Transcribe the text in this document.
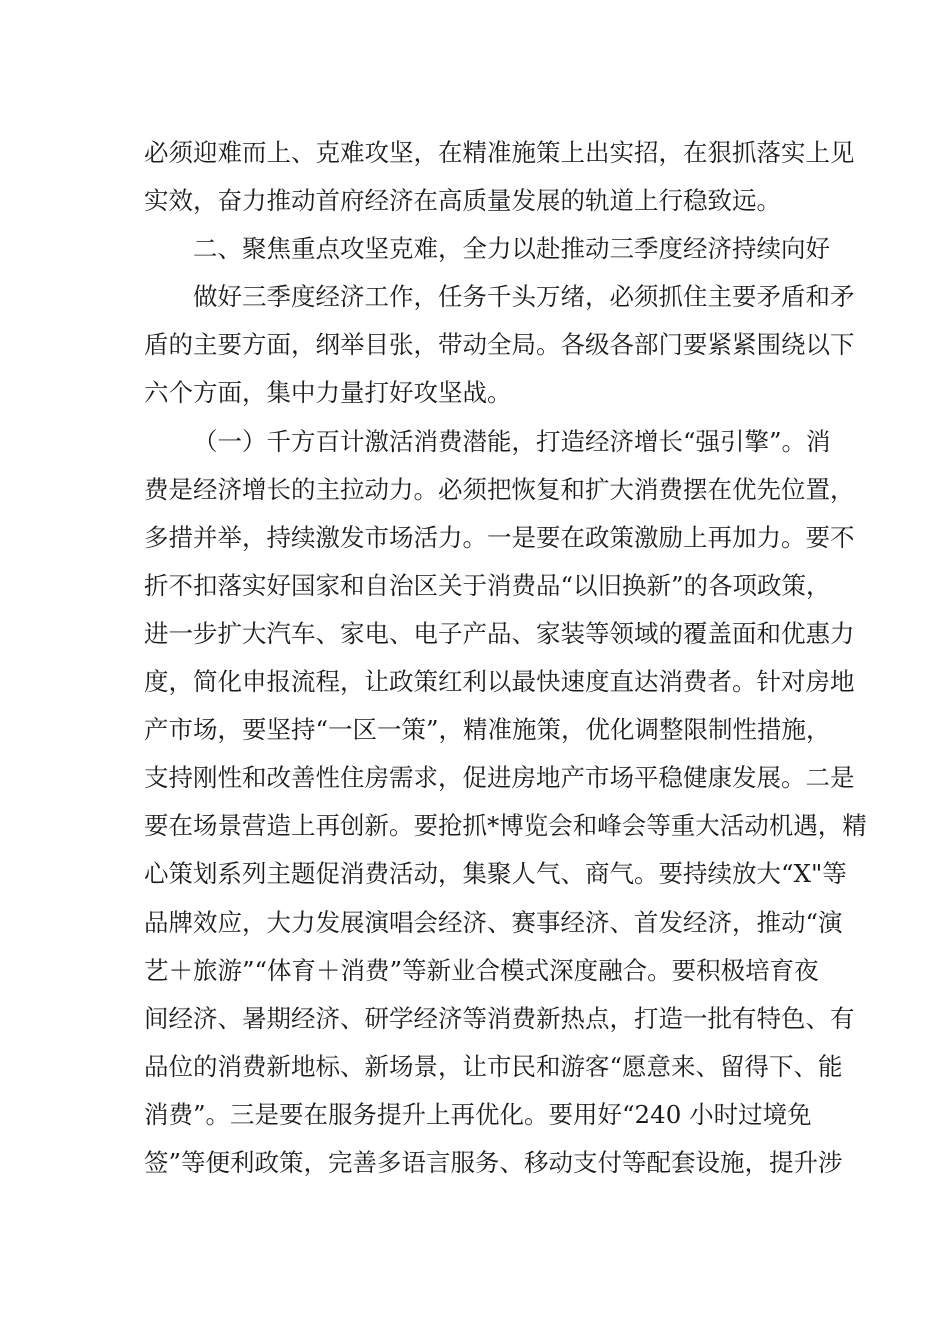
必须迎难而上、克难攻坚，在精准施策上出实招，在狠抓落实上见
实效，奋力推动首府经济在高质量发展的轨道上行稳致远。
二、聚焦重点攻坚克难，全力以赴推动三季度经济持续向好
做好三季度经济工作，任务千头万绪，必须抓住主要矛盾和矛
盾的主要方面，纲举目张，带动全局。各级各部门要紧紧围绕以下
六个方面，集中力量打好攻坚战。
（一）千方百计激活消费潜能，打造经济增长“强引擎”。消
费是经济增长的主拉动力。必须把恢复和扩大消费摆在优先位置，
多措并举，持续激发市场活力。一是要在政策激励上再加力。要不
折不扣落实好国家和自治区关于消费品“以旧换新”的各项政策，
进一步扩大汽车、家电、电子产品、家装等领域的覆盖面和优惠力
度，简化申报流程，让政策红利以最快速度直达消费者。针对房地
产市场，要坚持“一区一策”，精准施策，优化调整限制性措施，
支持刚性和改善性住房需求，促进房地产市场平稳健康发展。二是
要在场景营造上再创新。要抢抓*博览会和峰会等重大活动机遇，精
心策划系列主题促消费活动，集聚人气、商气。要持续放大“X"等
品牌效应，大力发展演唱会经济、赛事经济、首发经济，推动“演
艺＋旅游”“体育＋消费”等新业合模式深度融合。要积极培育夜
间经济、暑期经济、研学经济等消费新热点，打造一批有特色、有
品位的消费新地标、新场景，让市民和游客“愿意来、留得下、能
消费”。三是要在服务提升上再优化。要用好“240 小时过境免
签”等便利政策，完善多语言服务、移动支付等配套设施，提升涉
